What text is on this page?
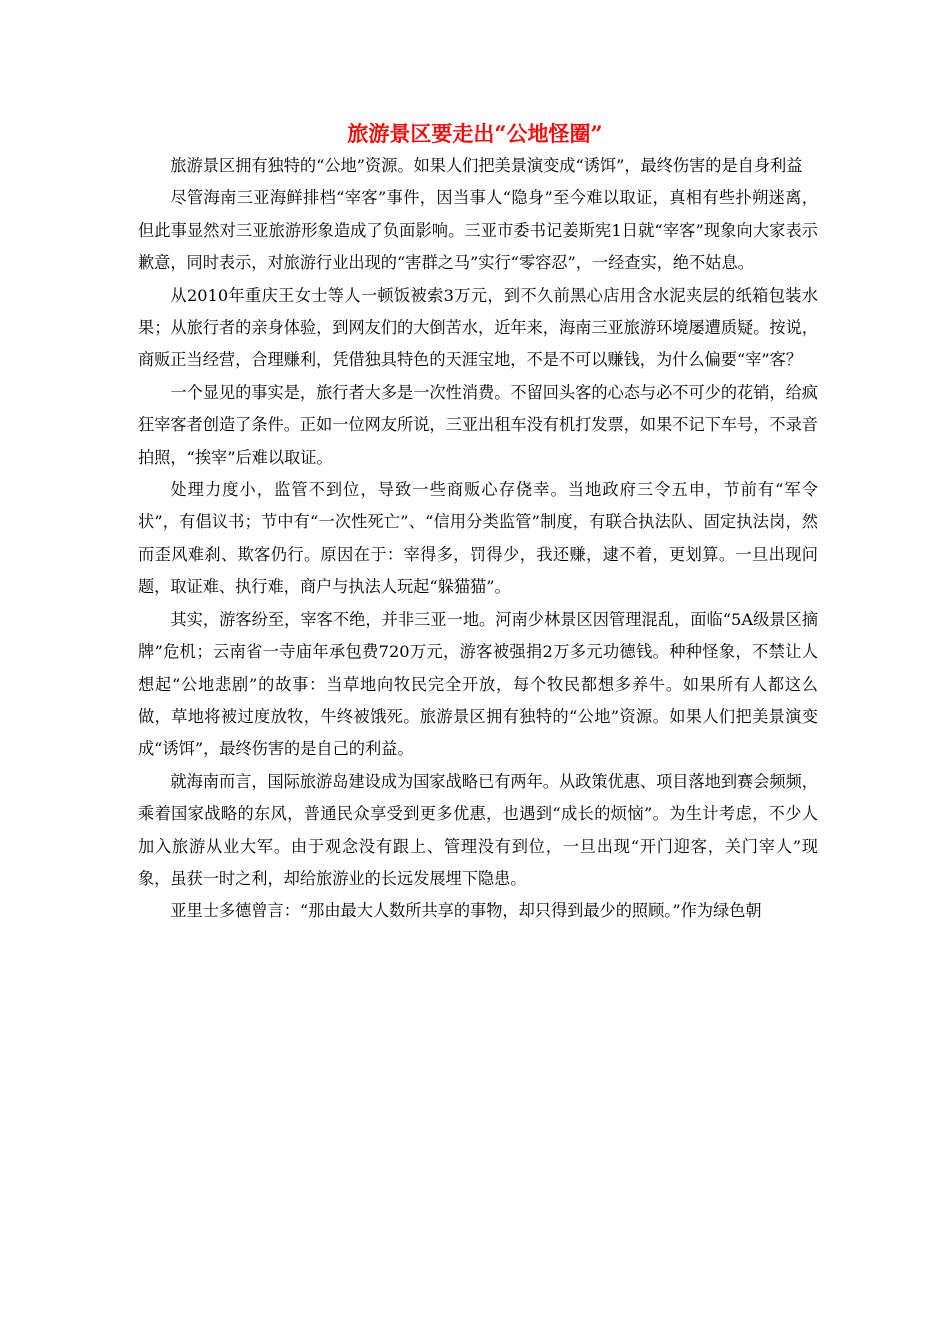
旅游景区要走出“公地怪圈”

旅游景区拥有独特的“公地”资源。如果人们把美景演变成“诱饵”，最终伤害的是自身利益

尽管海南三亚海鲜排档“宰客”事件，因当事人“隐身”至今难以取证，真相有些扑朔迷离，但此事显然对三亚旅游形象造成了负面影响。三亚市委书记姜斯宪1日就“宰客”现象向大家表示歉意，同时表示，对旅游行业出现的“害群之马”实行“零容忍”，一经查实，绝不姑息。

从2010年重庆王女士等人一顿饭被索3万元，到不久前黑心店用含水泥夹层的纸箱包装水果；从旅行者的亲身体验，到网友们的大倒苦水，近年来，海南三亚旅游环境屡遭质疑。按说，商贩正当经营，合理赚利，凭借独具特色的天涯宝地，不是不可以赚钱，为什么偏要“宰”客？

一个显见的事实是，旅行者大多是一次性消费。不留回头客的心态与必不可少的花销，给疯狂宰客者创造了条件。正如一位网友所说，三亚出租车没有机打发票，如果不记下车号，不录音拍照，“挨宰”后难以取证。

处理力度小，监管不到位，导致一些商贩心存侥幸。当地政府三令五申，节前有“军令状”，有倡议书；节中有“一次性死亡”、“信用分类监管”制度，有联合执法队、固定执法岗，然而歪风难刹、欺客仍行。原因在于：宰得多，罚得少，我还赚，逮不着，更划算。一旦出现问题，取证难、执行难，商户与执法人玩起“躲猫猫”。

其实，游客纷至，宰客不绝，并非三亚一地。河南少林景区因管理混乱，面临“5A级景区摘牌”危机；云南省一寺庙年承包费720万元，游客被强捐2万多元功德钱。种种怪象，不禁让人想起“公地悲剧”的故事：当草地向牧民完全开放，每个牧民都想多养牛。如果所有人都这么做，草地将被过度放牧，牛终被饿死。旅游景区拥有独特的“公地”资源。如果人们把美景演变成“诱饵”，最终伤害的是自己的利益。

就海南而言，国际旅游岛建设成为国家战略已有两年。从政策优惠、项目落地到赛会频频，乘着国家战略的东风，普通民众享受到更多优惠，也遇到“成长的烦恼”。为生计考虑，不少人加入旅游从业大军。由于观念没有跟上、管理没有到位，一旦出现“开门迎客，关门宰人”现象，虽获一时之利，却给旅游业的长远发展埋下隐患。

亚里士多德曾言：“那由最大人数所共享的事物，却只得到最少的照顾。”作为绿色朝
